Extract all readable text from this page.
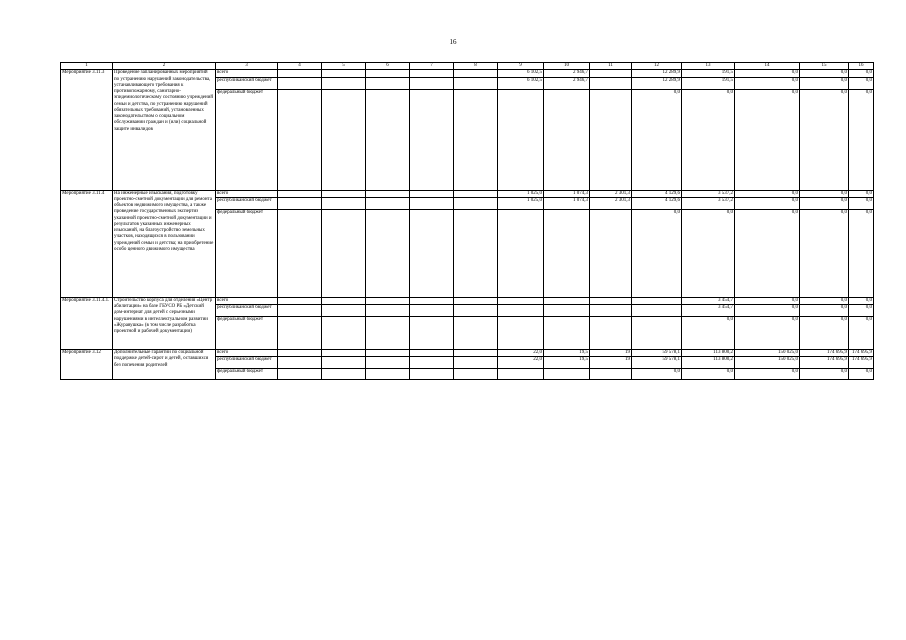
16
1	2	3	4	5	6	7	8	9	10	11	12	13	14	15	16
Мероприятие 3.11.3	Проведение запланированных мероприятий по устранению нарушений законодательства, устанавливающего требования к противопожарному, санитарно-эпидемиологическому состоянию учреждений семьи и детства, по устранению нарушений обязательных требований, установленных законодательством о социальном обслуживании граждан и (или) социальной защите инвалидов	всего						6 102,5	2 946,7		12 289,9	191,5	0,0	0,0	0,0
		республиканский бюджет						6 102,5	2 946,7		12 289,9	191,5	0,0	0,0	0,0
		федеральный бюджет									0,0	0,0	0,0	0,0	0,0
Мероприятие 3.11.4	На инженерные изыскания, подготовку проектно-сметной документации для ремонта объектов недвижимого имущества, а также проведение государственных экспертиз указанной проектно-сметной документации и результатов указанных инженерных изысканий, на благоустройство земельных участков, находящихся в пользовании учреждений семьи и детства; на приобретение особо ценного движимого имущества	всего						1 025,0	1 074,3	2 301,3	4 129,6	3 537,2	0,0	0,0	0,0
		республиканский бюджет						1 025,0	1 074,3	2 301,3	4 129,6	3 537,2	0,0	0,0	0,0
		федеральный бюджет									0,0	0,0	0,0	0,0	0,0
Мероприятие 3.11.4.1.	Строительство корпуса для отделения «Центр абилитации» на базе ГБУСО РБ «Детский дом-интернат для детей с серьезными нарушениями в интеллектуальном развитии «Журавушка» (в том числе разработка проектной и рабочей документации)	всего										3 454,7	0,0	0,0	0,0
		республиканский бюджет										3 454,7	0,0	0,0	0,0
		федеральный бюджет										0,0	0,0	0,0	0,0
Мероприятие 3.12	Дополнительные гарантии по социальной поддержке детей-сирот и детей, оставшихся без попечения родителей	всего						22,0	19,5	19	59 578,1	113 800,2	150 025,0	174 695,9	174 695,9
		республиканский бюджет						22,0	19,5	19	59 578,1	113 800,2	150 025,0	174 695,9	174 695,9
		федеральный бюджет									0,0	0,0	0,0	0,0	0,0
